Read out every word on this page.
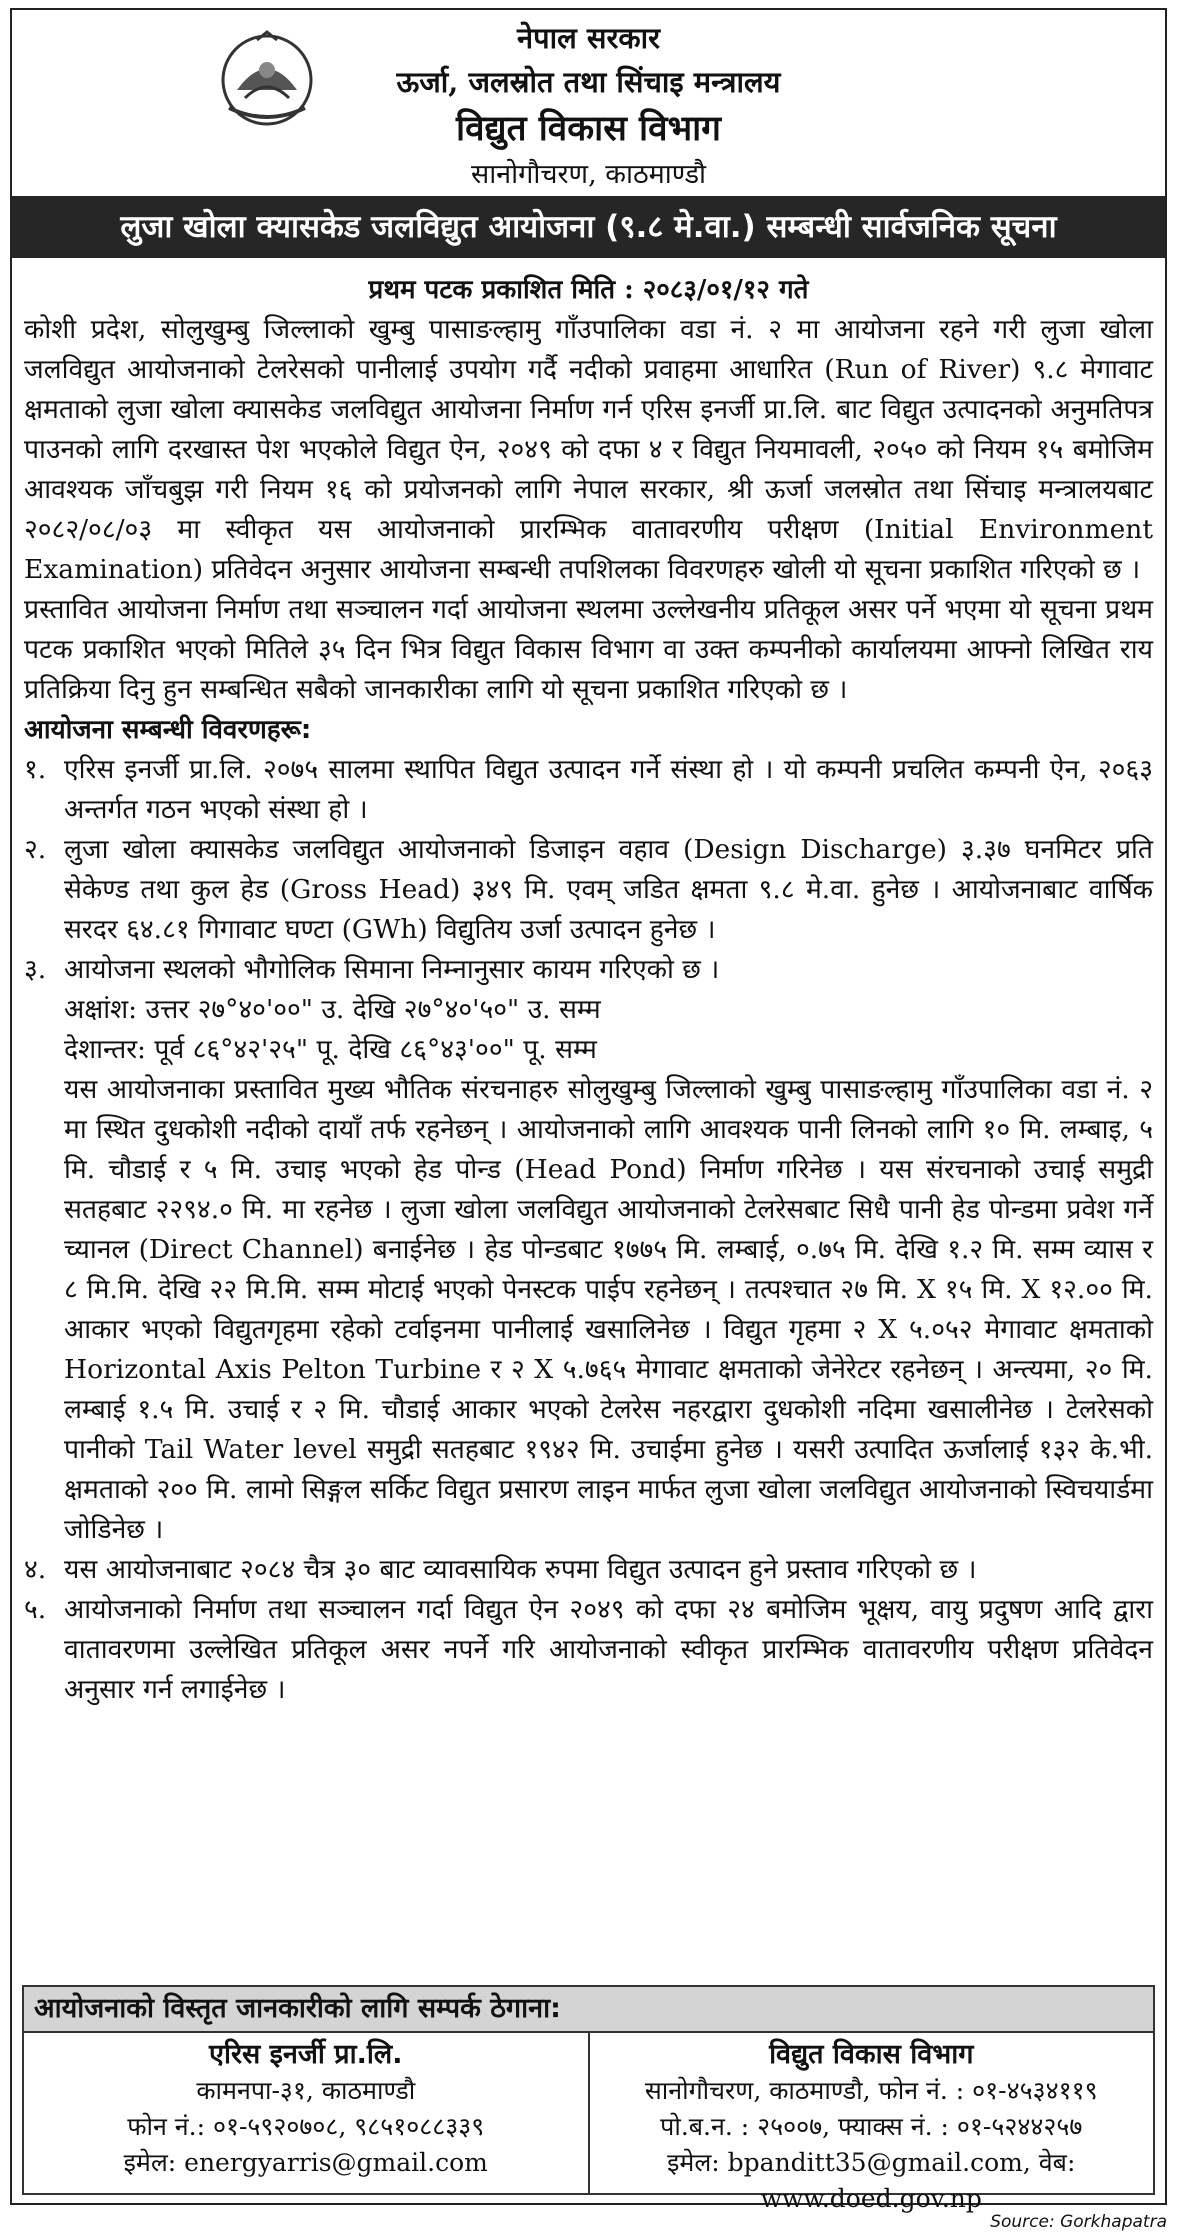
नेपाल सरकार
ऊर्जा, जलस्रोत तथा सिंचाइ मन्त्रालय
विद्युत विकास विभाग
सानोगौचरण, काठमाण्डौ
लुजा खोला क्यासकेड जलविद्युत आयोजना (९.८ मे.वा.) सम्बन्धी सार्वजनिक सूचना
प्रथम पटक प्रकाशित मिति : २०८३/०१/१२ गते

कोशी प्रदेश, सोलुखुम्बु जिल्लाको खुम्बु पासाङल्हामु गाँउपालिका वडा नं. २ मा आयोजना रहने गरी लुजा खोला जलविद्युत आयोजनाको टेलरेसको पानीलाई उपयोग गर्दै नदीको प्रवाहमा आधारित (Run of River) ९.८ मेगावाट क्षमताको लुजा खोला क्यासकेड जलविद्युत आयोजना निर्माण गर्न एरिस इनर्जी प्रा.लि. बाट विद्युत उत्पादनको अनुमतिपत्र पाउनको लागि दरखास्त पेश भएकोले विद्युत ऐन, २०४९ को दफा ४ र विद्युत नियमावली, २०५० को नियम १५ बमोजिम आवश्यक जाँचबुझ गरी नियम १६ को प्रयोजनको लागि नेपाल सरकार, श्री ऊर्जा जलस्रोत तथा सिंचाइ मन्त्रालयबाट २०८२/०८/०३ मा स्वीकृत यस आयोजनाको प्रारम्भिक वातावरणीय परीक्षण (Initial Environment Examination) प्रतिवेदन अनुसार आयोजना सम्बन्धी तपशिलका विवरणहरु खोली यो सूचना प्रकाशित गरिएको छ ।

प्रस्तावित आयोजना निर्माण तथा सञ्चालन गर्दा आयोजना स्थलमा उल्लेखनीय प्रतिकूल असर पर्ने भएमा यो सूचना प्रथम पटक प्रकाशित भएको मितिले ३५ दिन भित्र विद्युत विकास विभाग वा उक्त कम्पनीको कार्यालयमा आफ्नो लिखित राय प्रतिक्रिया दिनु हुन सम्बन्धित सबैको जानकारीका लागि यो सूचना प्रकाशित गरिएको छ ।

आयोजना सम्बन्धी विवरणहरू:

१. एरिस इनर्जी प्रा.लि. २०७५ सालमा स्थापित विद्युत उत्पादन गर्ने संस्था हो । यो कम्पनी प्रचलित कम्पनी ऐन, २०६३ अन्तर्गत गठन भएको संस्था हो ।
२. लुजा खोला क्यासकेड जलविद्युत आयोजनाको डिजाइन वहाव (Design Discharge) ३.३७ घनमिटर प्रति सेकेण्ड तथा कुल हेड (Gross Head) ३४९ मि. एवम् जडित क्षमता ९.८ मे.वा. हुनेछ । आयोजनाबाट वार्षिक सरदर ६४.८१ गिगावाट घण्टा (GWh) विद्युतिय उर्जा उत्पादन हुनेछ ।
३. आयोजना स्थलको भौगोलिक सिमाना निम्नानुसार कायम गरिएको छ ।
अक्षांश: उत्तर २७°४०'००" उ. देखि २७°४०'५०" उ. सम्म
देशान्तर: पूर्व ८६°४२'२५" पू. देखि ८६°४३'००" पू. सम्म

यस आयोजनाका प्रस्तावित मुख्य भौतिक संरचनाहरु सोलुखुम्बु जिल्लाको खुम्बु पासाङल्हामु गाँउपालिका वडा नं. २ मा स्थित दुधकोशी नदीको दायाँ तर्फ रहनेछन् । आयोजनाको लागि आवश्यक पानी लिनको लागि १० मि. लम्बाइ, ५ मि. चौडाई र ५ मि. उचाइ भएको हेड पोन्ड (Head Pond) निर्माण गरिनेछ । यस संरचनाको उचाई समुद्री सतहबाट २२९४.० मि. मा रहनेछ । लुजा खोला जलविद्युत आयोजनाको टेलरेसबाट सिधै पानी हेड पोन्डमा प्रवेश गर्ने च्यानल (Direct Channel) बनाईनेछ । हेड पोन्डबाट १७७५ मि. लम्बाई, ०.७५ मि. देखि १.२ मि. सम्म व्यास र ८ मि.मि. देखि २२ मि.मि. सम्म मोटाई भएको पेनस्टक पाईप रहनेछन् । तत्पश्चात २७ मि. X १५ मि. X १२.०० मि. आकार भएको विद्युतगृहमा रहेको टर्वाइनमा पानीलाई खसालिनेछ । विद्युत गृहमा २ X ५.०५२ मेगावाट क्षमताको Horizontal Axis Pelton Turbine र २ X ५.७६५ मेगावाट क्षमताको जेनेरेटर रहनेछन् । अन्त्यमा, २० मि. लम्बाई १.५ मि. उचाई र २ मि. चौडाई आकार भएको टेलरेस नहरद्वारा दुधकोशी नदिमा खसालीनेछ । टेलरेसको पानीको Tail Water level समुद्री सतहबाट १९४२ मि. उचाईमा हुनेछ । यसरी उत्पादित ऊर्जालाई १३२ के.भी. क्षमताको २०० मि. लामो सिङ्गल सर्किट विद्युत प्रसारण लाइन मार्फत लुजा खोला जलविद्युत आयोजनाको स्विचयार्डमा जोडिनेछ ।

४. यस आयोजनाबाट २०८४ चैत्र ३० बाट व्यावसायिक रुपमा विद्युत उत्पादन हुने प्रस्ताव गरिएको छ ।
५. आयोजनाको निर्माण तथा सञ्चालन गर्दा विद्युत ऐन २०४९ को दफा २४ बमोजिम भूक्षय, वायु प्रदुषण आदि द्वारा वातावरणमा उल्लेखित प्रतिकूल असर नपर्ने गरि आयोजनाको स्वीकृत प्रारम्भिक वातावरणीय परीक्षण प्रतिवेदन अनुसार गर्न लगाईनेछ ।
आयोजनाको विस्तृत जानकारीको लागि सम्पर्क ठेगाना:
एरिस इनर्जी प्रा.लि.
कामनपा-३१, काठमाण्डौ
फोन नं.: ०१-५९२०७०८, ९८५१०८८३३९
इमेल: energyarris@gmail.com
विद्युत विकास विभाग
सानोगौचरण, काठमाण्डौ, फोन नं. : ०१-४५३४११९
पो.ब.न. : २५००७, फ्याक्स नं. : ०१-५२४४२५७
इमेल: bpanditt35@gmail.com, वेब: www.doed.gov.np
Source: Gorkhapatra
